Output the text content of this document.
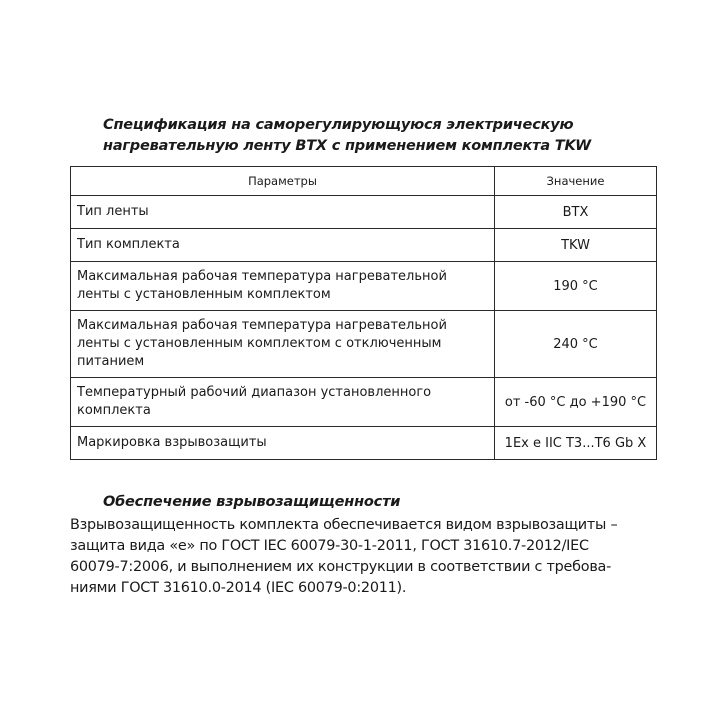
Спецификация на саморегулирующуюся электрическую
нагревательную ленту ВТХ с применением комплекта TKW
Параметры	Значение
Тип ленты	ВТХ
Тип комплекта	TKW
Максимальная рабочая температура нагревательной ленты с установленным комплектом	190 °C
Максимальная рабочая температура нагревательной ленты с установленным комплектом с отключенным питанием	240 °C
Температурный рабочий диапазон установленного комплекта	от -60 °C до +190 °C
Маркировка взрывозащиты	1Ex e IIC T3...T6 Gb X
Обеспечение взрывозащищенности

Взрывозащищенность комплекта обеспечивается видом взрывозащиты –
защита вида «е» по ГОСТ IEC 60079-30-1-2011, ГОСТ 31610.7-2012/IEC
60079-7:2006, и выполнением их конструкции в соответствии с требова-
ниями ГОСТ 31610.0-2014 (IEC 60079-0:2011).
